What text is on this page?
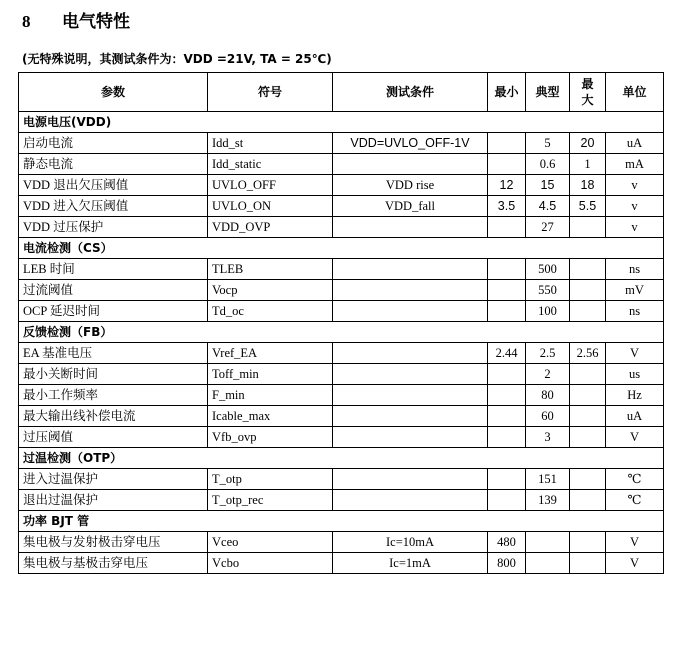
8 电气特性

(无特殊说明，其测试条件为：VDD =21V, TA = 25℃)

参数	符号	测试条件	最小	典型	最大	单位
电源电压(VDD)						
启动电流	Idd_st	VDD=UVLO_OFF-1V		5	20	uA
静态电流	Idd_static			0.6	1	mA
VDD 退出欠压阈值	UVLO_OFF	VDD rise	12	15	18	v
VDD 进入欠压阈值	UVLO_ON	VDD_fall	3.5	4.5	5.5	v
VDD 过压保护	VDD_OVP			27		v
电流检测（CS）						
LEB 时间	TLEB			500		ns
过流阈值	Vocp			550		mV
OCP 延迟时间	Td_oc			100		ns
反馈检测（FB）						
EA 基准电压	Vref_EA		2.44	2.5	2.56	V
最小关断时间	Toff_min			2		us
最小工作频率	F_min			80		Hz
最大输出线补偿电流	Icable_max			60		uA
过压阈值	Vfb_ovp			3		V
过温检测（OTP）						
进入过温保护	T_otp			151		℃
退出过温保护	T_otp_rec			139		℃
功率 BJT 管						
集电极与发射极击穿电压	Vceo	Ic=10mA	480			V
集电极与基极击穿电压	Vcbo	Ic=1mA	800			V
